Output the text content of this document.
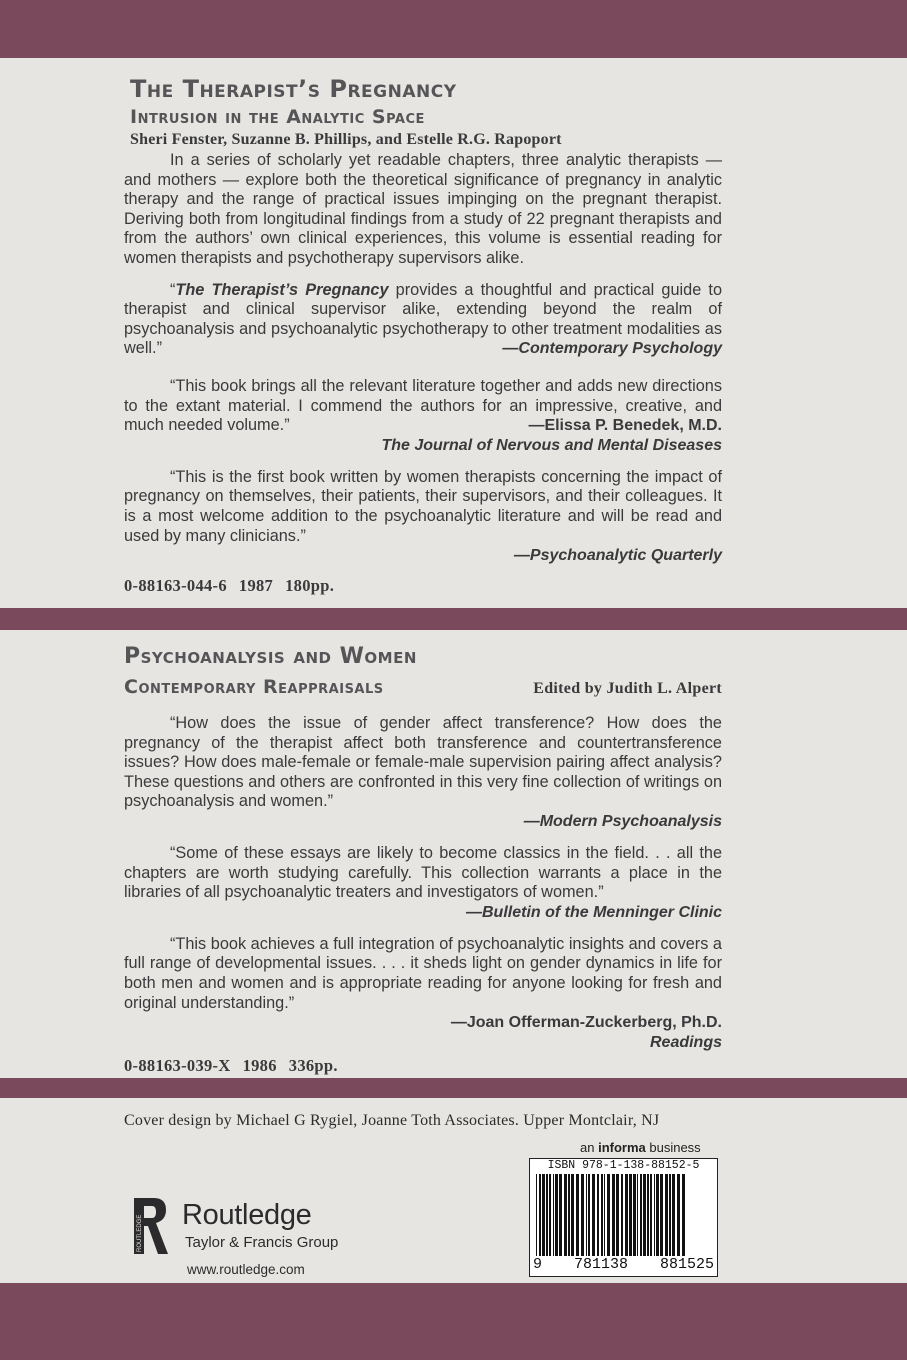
The Therapist’s Pregnancy
Intrusion in the Analytic Space
Sheri Fenster, Suzanne B. Phillips, and Estelle R.G. Rapoport

In a series of scholarly yet readable chapters, three analytic therapists — and mothers — explore both the theoretical significance of pregnancy in analytic therapy and the range of practical issues impinging on the pregnant therapist. Deriving both from longitudinal findings from a study of 22 pregnant therapists and from the authors’ own clinical experiences, this volume is essential reading for women therapists and psychotherapy supervisors alike.

“The Therapist’s Pregnancy provides a thoughtful and practical guide to therapist and clinical supervisor alike, extending beyond the realm of psychoanalysis and psychoanalytic psychotherapy to other treatment modalities as well.”	—Contemporary Psychology

“This book brings all the relevant literature together and adds new directions to the extant material. I commend the authors for an impressive, creative, and much needed volume.”	—Elissa P. Benedek, M.D.
The Journal of Nervous and Mental Diseases

“This is the first book written by women therapists concerning the impact of pregnancy on themselves, their patients, their supervisors, and their colleagues. It is a most welcome addition to the psychoanalytic literature and will be read and used by many clinicians.”

—Psychoanalytic Quarterly
0-88163-044-6 1987 180pp.
Psychoanalysis and Women
Contemporary Reappraisals	Edited by Judith L. Alpert

“How does the issue of gender affect transference? How does the pregnancy of the therapist affect both transference and countertransference issues? How does male-female or female-male supervision pairing affect analysis? These questions and others are confronted in this very fine collection of writings on psychoanalysis and women.”

—Modern Psychoanalysis

“Some of these essays are likely to become classics in the field. . . all the chapters are worth studying carefully. This collection warrants a place in the libraries of all psychoanalytic treaters and investigators of women.”

—Bulletin of the Menninger Clinic

“This book achieves a full integration of psychoanalytic insights and covers a full range of developmental issues. . . . it sheds light on gender dynamics in life for both men and women and is appropriate reading for anyone looking for fresh and original understanding.”

—Joan Offerman-Zuckerberg, Ph.D.
Readings
0-88163-039-X 1986 336pp.
Cover design by Michael G Rygiel, Joanne Toth Associates. Upper Montclair, NJ
an informa business
ISBN 978-1-138-88152-5
9 781138 881525
ROUTLEDGE Routledge
Taylor & Francis Group
www.routledge.com
